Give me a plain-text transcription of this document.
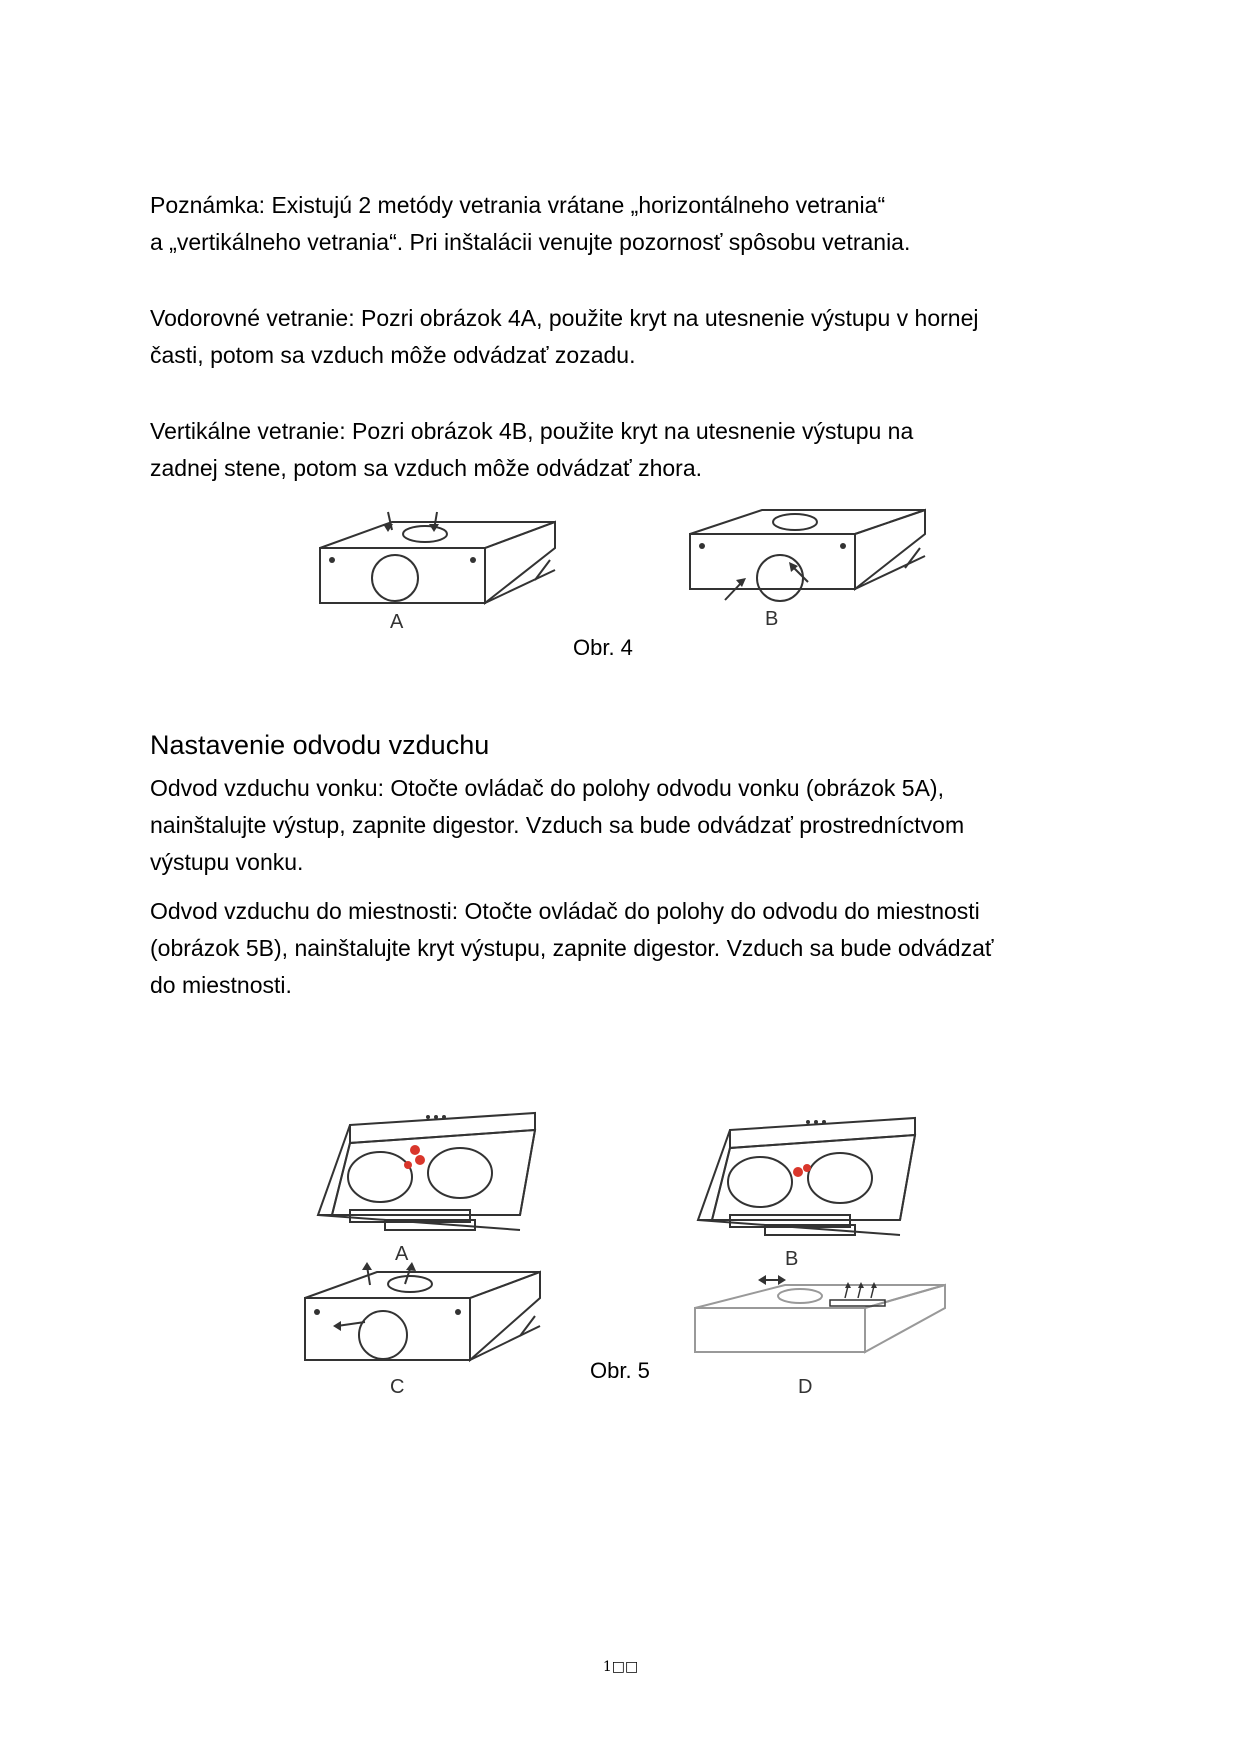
Poznámka: Existujú 2 metódy vetrania vrátane „horizontálneho vetrania“
a „vertikálneho vetrania“. Pri inštalácii venujte pozornosť spôsobu vetrania.

Vodorovné vetranie: Pozri obrázok 4A, použite kryt na utesnenie výstupu v hornej
časti, potom sa vzduch môže odvádzať zozadu.

Vertikálne vetranie: Pozri obrázok 4B, použite kryt na utesnenie výstupu na
zadnej stene, potom sa vzduch môže odvádzať zhora.

A	B
Obr. 4
Nastavenie odvodu vzduchu

Odvod vzduchu vonku: Otočte ovládač do polohy odvodu vonku (obrázok 5A),
nainštalujte výstup, zapnite digestor. Vzduch sa bude odvádzať prostredníctvom
výstupu vonku.

Odvod vzduchu do miestnosti: Otočte ovládač do polohy do odvodu do miestnosti
(obrázok 5B), nainštalujte kryt výstupu, zapnite digestor. Vzduch sa bude odvádzať
do miestnosti.

A	B
C	D
Obr. 5
1□□
